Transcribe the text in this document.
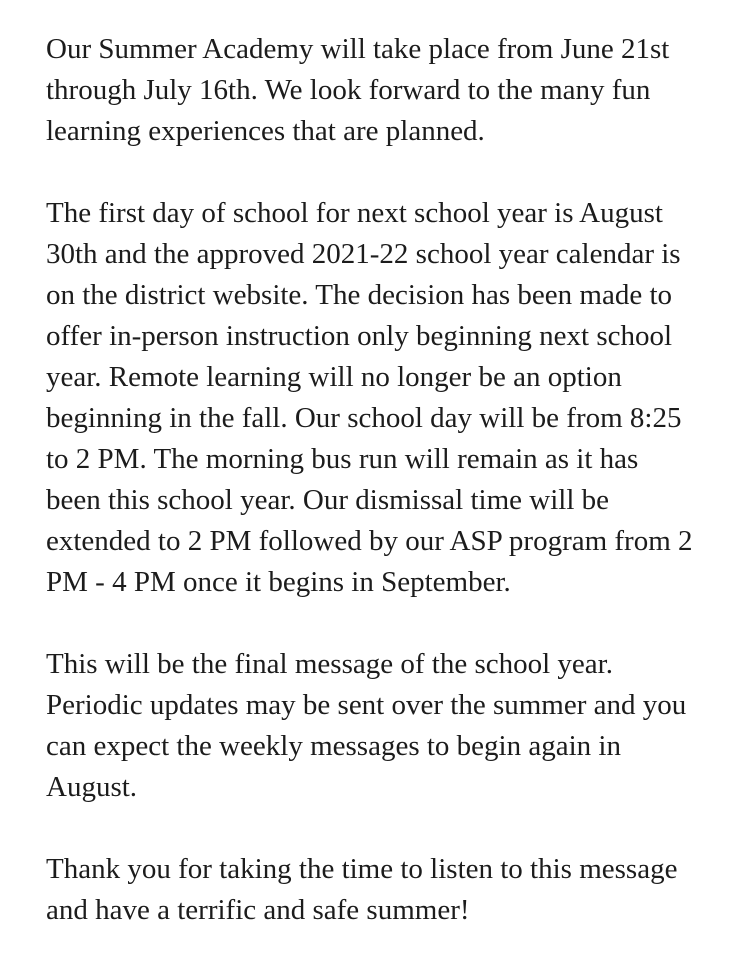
Our Summer Academy will take place from June 21st
through July 16th. We look forward to the many fun
learning experiences that are planned.

The first day of school for next school year is August
30th and the approved 2021-22 school year calendar is
on the district website. The decision has been made to
offer in-person instruction only beginning next school
year. Remote learning will no longer be an option
beginning in the fall. Our school day will be from 8:25
to 2 PM. The morning bus run will remain as it has
been this school year. Our dismissal time will be
extended to 2 PM followed by our ASP program from 2
PM - 4 PM once it begins in September.

This will be the final message of the school year.
Periodic updates may be sent over the summer and you
can expect the weekly messages to begin again in
August.

Thank you for taking the time to listen to this message
and have a terrific and safe summer!
